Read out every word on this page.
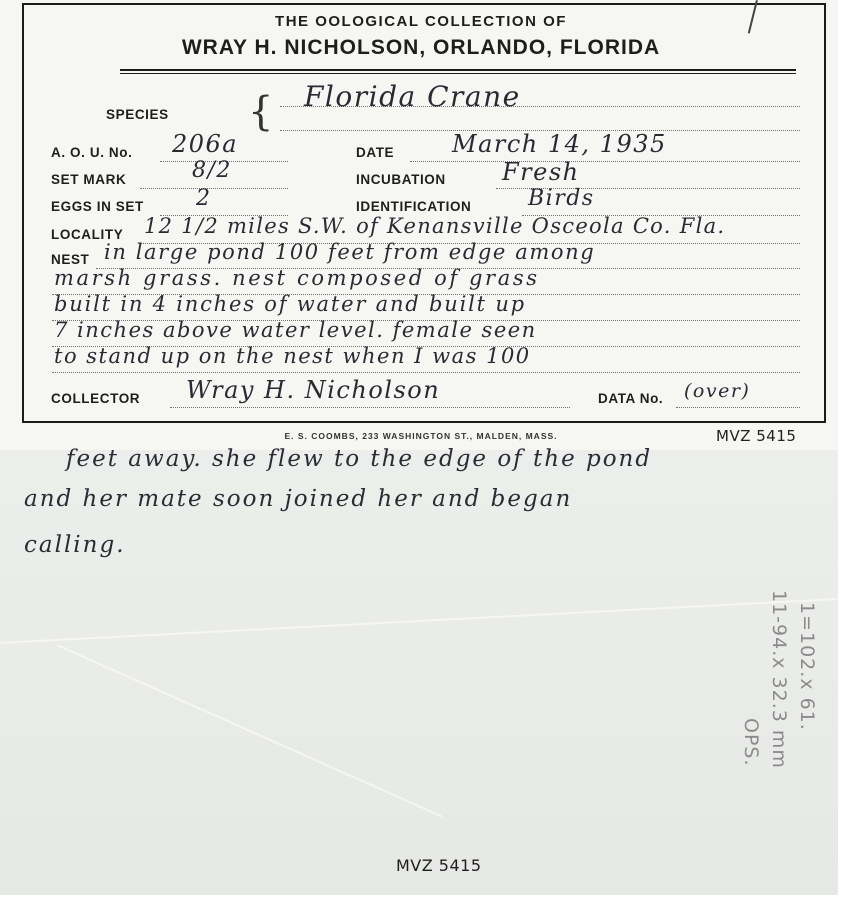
THE OOLOGICAL COLLECTION OF
WRAY H. NICHOLSON, ORLANDO, FLORIDA
SPECIES { Florida Crane
A. O. U. No. 206a	DATE March 14, 1935
SET MARK	8/2	INCUBATION Fresh
EGGS IN SET 2	IDENTIFICATION	Birds
LOCALITY 12 1/2 miles S.W. of Kenansville Osceola Co. Fla.
NEST in large pond 100 feet from edge among
marsh grass. nest composed of grass
built in 4 inches of water and built up
7 inches above water level. female seen
to stand up on the nest when I was 100
COLLECTOR Wray H. Nicholson	DATA No. (over)
E. S. COOMBS, 233 WASHINGTON ST., MALDEN, MASS.	MVZ 5415
feet away. she flew to the edge of the pond
and her mate soon joined her and began
calling.
1=102.x 61.
11-94.x 32.3 mm
OPS.
MVZ 5415
